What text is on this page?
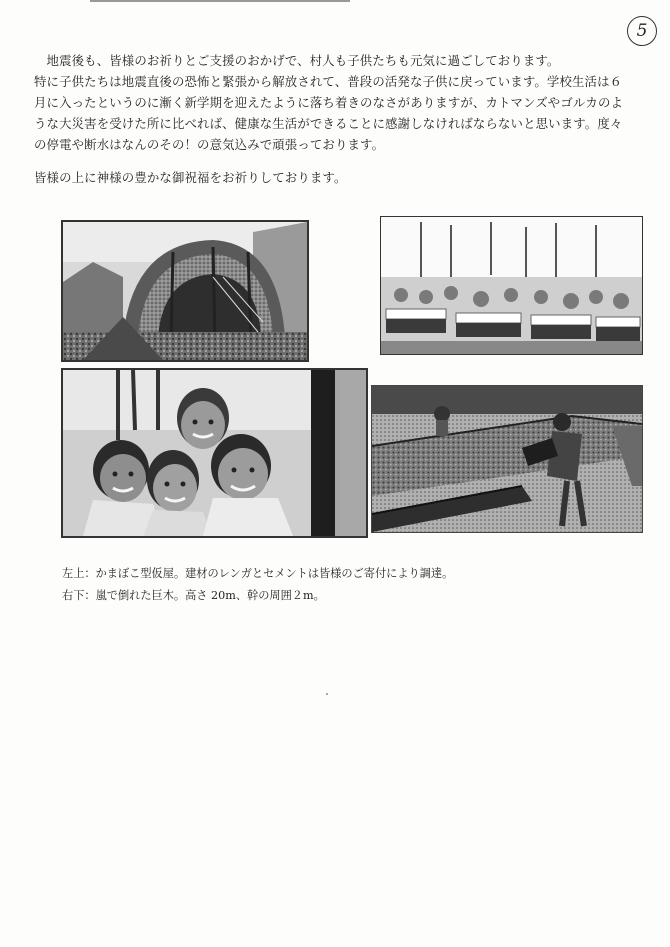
5

　地震後も、皆様のお祈りとご支援のおかげで、村人も子供たちも元気に過ごしております。

特に子供たちは地震直後の恐怖と緊張から解放されて、普段の活発な子供に戻っています。学校生活は６月に入ったというのに漸く新学期を迎えたように落ち着きのなさがありますが、カトマンズやゴルカのような大災害を受けた所に比べれば、健康な生活ができることに感謝しなければならないと思います。度々の停電や断水はなんのその！の意気込みで頑張っております。

皆様の上に神様の豊かな御祝福をお祈りしております。

左上：かまぼこ型仮屋。建材のレンガとセメントは皆様のご寄付により調達。
右下：嵐で倒れた巨木。高さ 20m、幹の周囲２m。
